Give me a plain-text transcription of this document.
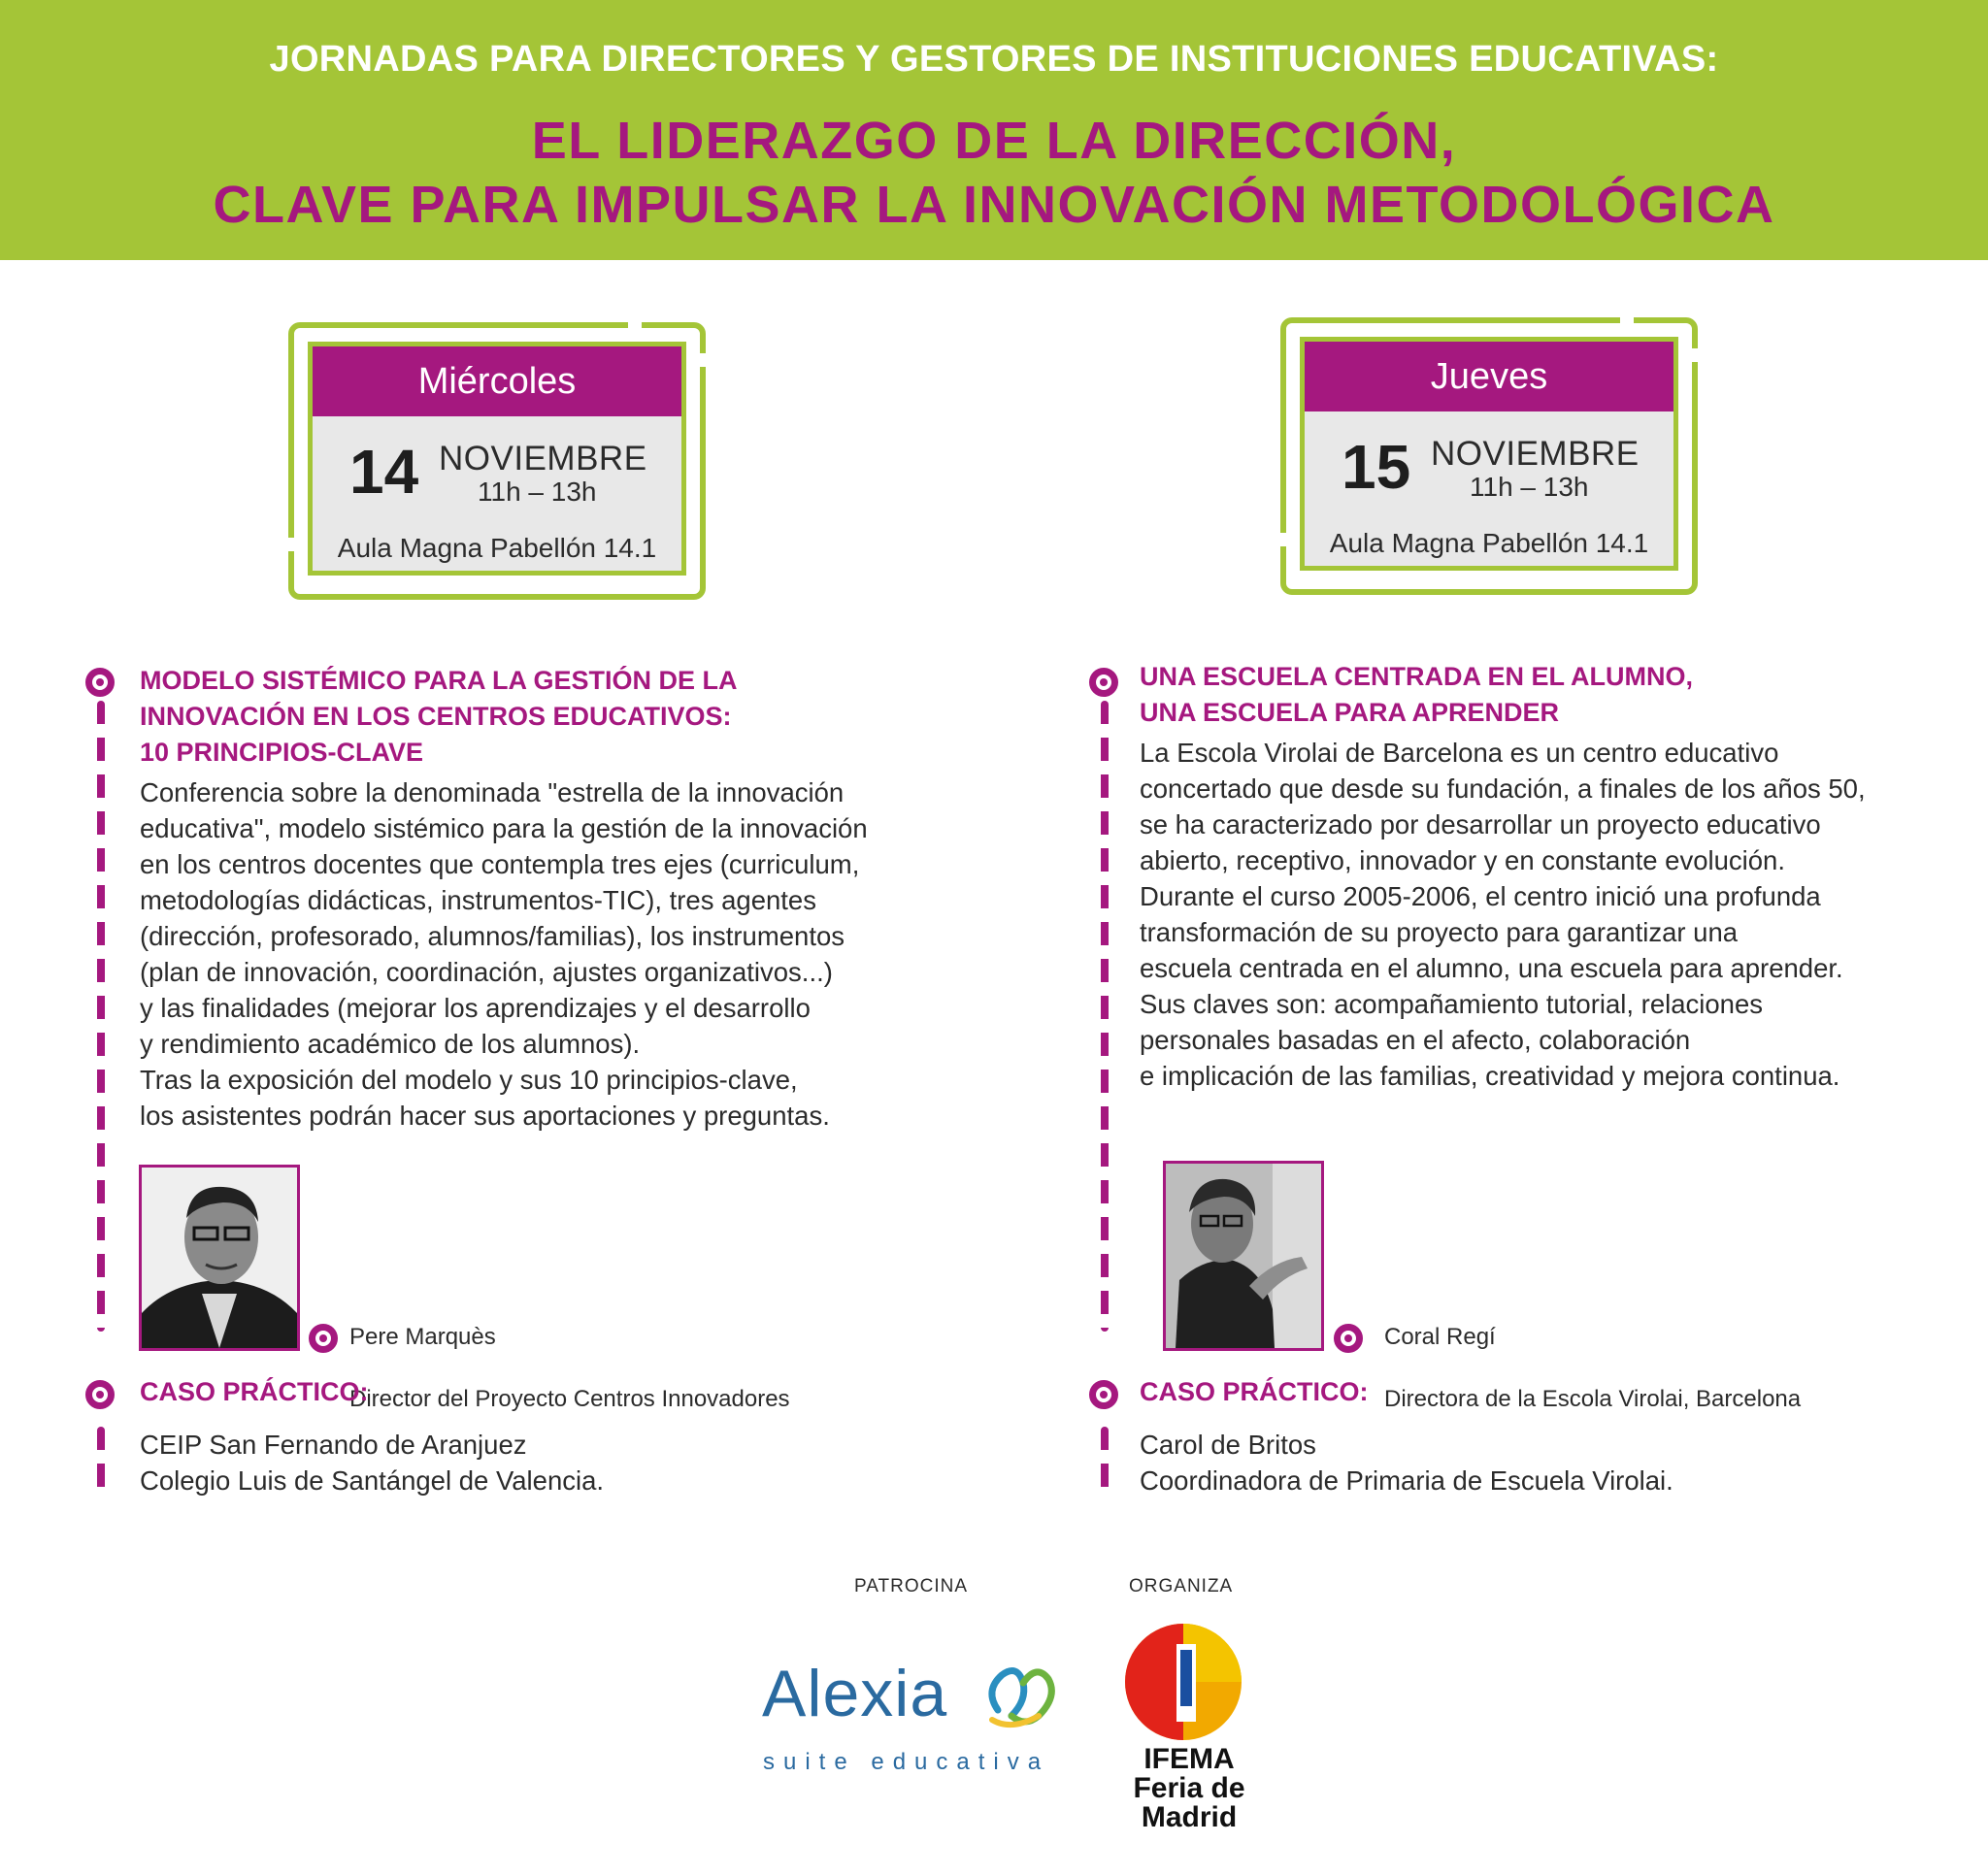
JORNADAS PARA DIRECTORES Y GESTORES DE INSTITUCIONES EDUCATIVAS:
EL LIDERAZGO DE LA DIRECCIÓN,
CLAVE PARA IMPULSAR LA INNOVACIÓN METODOLÓGICA
Miércoles
14 NOVIEMBRE
11h – 13h
Aula Magna Pabellón 14.1
Jueves
15 NOVIEMBRE
11h – 13h
Aula Magna Pabellón 14.1
MODELO SISTÉMICO PARA LA GESTIÓN DE LA
INNOVACIÓN EN LOS CENTROS EDUCATIVOS:
10 PRINCIPIOS-CLAVE
Conferencia sobre la denominada "estrella de la innovación
educativa", modelo sistémico para la gestión de la innovación
en los centros docentes que contempla tres ejes (curriculum,
metodologías didácticas, instrumentos-TIC), tres agentes
(dirección, profesorado, alumnos/familias), los instrumentos
(plan de innovación, coordinación, ajustes organizativos...)
y las finalidades (mejorar los aprendizajes y el desarrollo
y rendimiento académico de los alumnos).
Tras la exposición del modelo y sus 10 principios-clave,
los asistentes podrán hacer sus aportaciones y preguntas.

Pere Marquès

Director del Proyecto Centros Innovadores

CASO PRÁCTICO:
CEIP San Fernando de Aranjuez
Colegio Luis de Santángel de Valencia.
UNA ESCUELA CENTRADA EN EL ALUMNO,
UNA ESCUELA PARA APRENDER
La Escola Virolai de Barcelona es un centro educativo
concertado que desde su fundación, a finales de los años 50,
se ha caracterizado por desarrollar un proyecto educativo
abierto, receptivo, innovador y en constante evolución.
Durante el curso 2005-2006, el centro inició una profunda
transformación de su proyecto para garantizar una
escuela centrada en el alumno, una escuela para aprender.
Sus claves son: acompañamiento tutorial, relaciones
personales basadas en el afecto, colaboración
e implicación de las familias, creatividad y mejora continua.

Coral Regí

Directora de la Escola Virolai, Barcelona

CASO PRÁCTICO:
Carol de Britos
Coordinadora de Primaria de Escuela Virolai.
PATROCINA	ORGANIZA
Alexia
suite educativa	IFEMA
Feria de
Madrid
